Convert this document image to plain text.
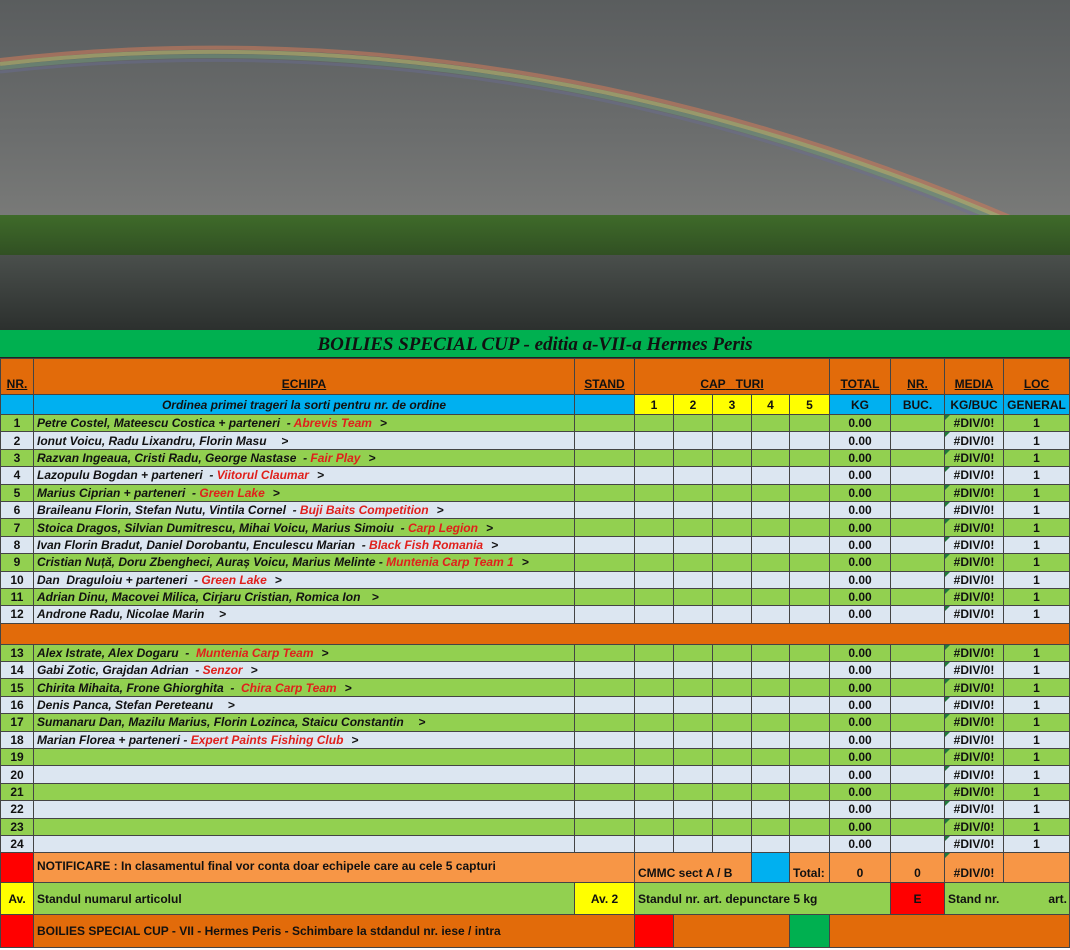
BOILIES SPECIAL CUP - editia a-VII-a Hermes Peris
NR.	ECHIPA	STAND	CAP TURI					TOTAL	NR.	MEDIA	LOC
	Ordinea primei trageri la sorti pentru nr. de ordine		1	2	3	4	5	KG	BUC.	KG/BUC	GENERAL
1	Petre Costel, Mateescu Costica + parteneri  - Abrevis Team >							0.00		#DIV/0!	1
2	Ionut Voicu, Radu Lixandru, Florin Masu  >							0.00		#DIV/0!	1
3	Razvan Ingeaua, Cristi Radu, George Nastase  - Fair Play >							0.00		#DIV/0!	1
4	Lazopulu Bogdan + parteneri  - Viitorul Claumar >							0.00		#DIV/0!	1
5	Marius Ciprian + parteneri  - Green Lake >							0.00		#DIV/0!	1
6	Braileanu Florin, Stefan Nutu, Vintila Cornel  - Buji Baits Competition >							0.00		#DIV/0!	1
7	Stoica Dragos, Silvian Dumitrescu, Mihai Voicu, Marius Simoiu  - Carp Legion >							0.00		#DIV/0!	1
8	Ivan Florin Bradut, Daniel Dorobantu, Enculescu Marian  - Black Fish Romania >							0.00		#DIV/0!	1
9	Cristian Nuță, Doru Zbengheci, Auraș Voicu, Marius Melinte - Muntenia Carp Team 1 >							0.00		#DIV/0!	1
10	Dan  Draguloiu + parteneri  - Green Lake >							0.00		#DIV/0!	1
11	Adrian Dinu, Macovei Milica, Cirjaru Cristian, Romica Ion >							0.00		#DIV/0!	1
12	Androne Radu, Nicolae Marin  >							0.00		#DIV/0!	1

13	Alex Istrate, Alex Dogaru  -  Muntenia Carp Team >							0.00		#DIV/0!	1
14	Gabi Zotic, Grajdan Adrian  - Senzor >							0.00		#DIV/0!	1
15	Chirita Mihaita, Frone Ghiorghita  -  Chira Carp Team >							0.00		#DIV/0!	1
16	Denis Panca, Stefan Pereteanu  >							0.00		#DIV/0!	1
17	Sumanaru Dan, Mazilu Marius, Florin Lozinca, Staicu Constantin  >							0.00		#DIV/0!	1
18	Marian Florea + parteneri - Expert Paints Fishing Club >							0.00		#DIV/0!	1
19								0.00		#DIV/0!	1
20								0.00		#DIV/0!	1
21								0.00		#DIV/0!	1
22								0.00		#DIV/0!	1
23								0.00		#DIV/0!	1
24								0.00		#DIV/0!	1
	NOTIFICARE : In clasamentul final vor conta doar echipele care au cele 5 capturi		CMMC sect A / B				Total:	0	0	#DIV/0!	
Av.	Standul numarul articolul	Av. 2	Standul nr. art. depunctare 5 kg						E	Stand nr. art.	

	BOILIES SPECIAL CUP - VII - Hermes Peris - Schimbare la stdandul nr. iese / intra										
